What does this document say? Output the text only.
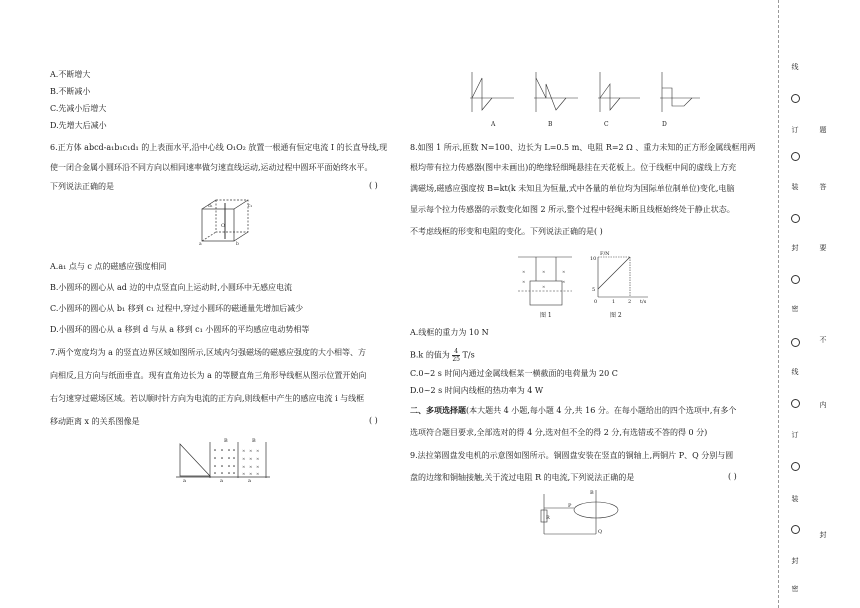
A.不断增大
B.不断减小
C.先减小后增大
D.先增大后减小
6.正方体 abcd-a₁b₁c₁d₁ 的上表面水平,沿中心线 O₁O₂ 放置一根通有恒定电流 I 的长直导线,现
使一闭合金属小圆环沿不同方向以相同速率做匀速直线运动,运动过程中圆环平面始终水平。
下列说法正确的是	( )
O
d₁	c₁
a	b
A.a₁ 点与 c 点的磁感应强度相同
B.小圆环的圆心从 ad 边的中点竖直向上运动时,小圆环中无感应电流
C.小圆环的圆心从 b₁ 移到 c₁ 过程中,穿过小圆环的磁通量先增加后减少
D.小圆环的圆心从 a 移到 d 与从 a 移到 c₁ 小圆环的平均感应电动势相等
7.两个宽度均为 a 的竖直边界区域如图所示,区域内匀强磁场的磁感应强度的大小相等、方
向相反,且方向与纸面垂直。现有直角边长为 a 的等腰直角三角形导线框从图示位置开始向
右匀速穿过磁场区域。若以顺时针方向为电流的正方向,则线框中产生的感应电流 i 与线框
移动距离 x 的关系图像是	( )
× × ×
× × ×
× × ×
× × ×
a	a	a
B	B
A	B	C	D
8.如图 1 所示,匝数 N=100、边长为 L=0.5 m、电阻 R=2 Ω 、重力未知的正方形金属线框用两
根均带有拉力传感器(图中未画出)的绝缘轻细绳悬挂在天花板上。位于线框中间的虚线上方充
满磁场,磁感应强度按 B=kt(k 未知且为恒量,式中各量的单位均为国际单位制单位)变化,电脑
显示每个拉力传感器的示数变化如图 2 所示,整个过程中轻绳未断且线框始终处于静止状态。
不考虑线框的形变和电阻的变化。下列说法正确的是( )
×	×	×
×
×
×
图 1
F/N
10
5
0	1	2 t/s
图 2
A.线框的重力为 10 N
B.k 的值为 $\frac{4}{25} T/s$
C.0~2 s 时间内通过金属线框某一横截面的电荷量为 20 C
D.0~2 s 时间内线框的热功率为 4 W
二、多项选择题(本大题共 4 小题,每小题 4 分,共 16 分。在每小题给出的四个选项中,有多个
选项符合题目要求,全部选对的得 4 分,选对但不全的得 2 分,有选错或不答的得 0 分)
9.法拉第圆盘发电机的示意图如图所示。铜圆盘安装在竖直的铜轴上,两铜片 P、Q 分别与圆
盘的边缘和铜轴接触,关于流过电阻 R 的电流,下列说法正确的是	( )
P
Q
R
B
线
订
装
封
密
线
订
装
封
密
题
答
要
不
内
封
